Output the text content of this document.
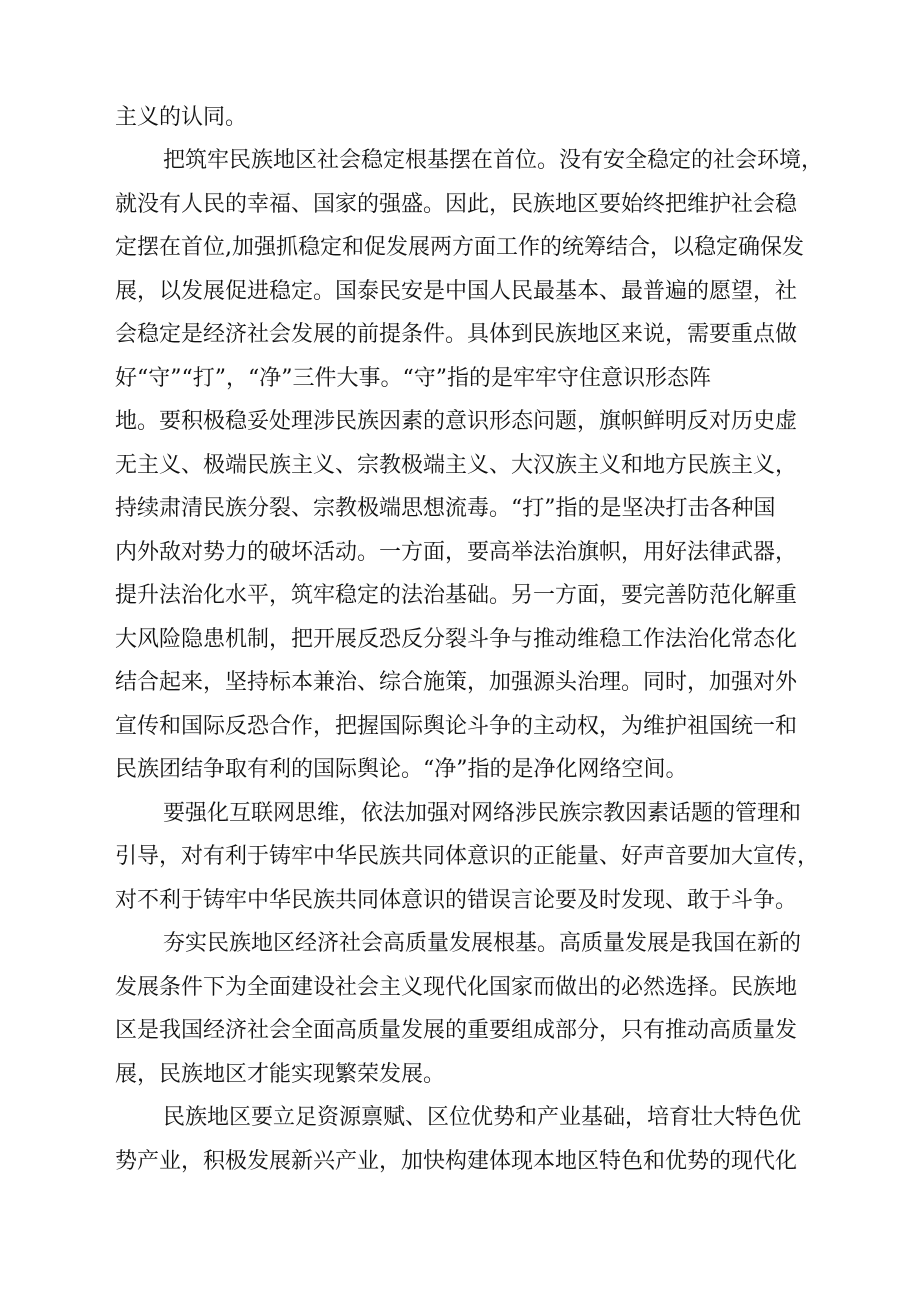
主义的认同。
把筑牢民族地区社会稳定根基摆在首位。没有安全稳定的社会环境，
就没有人民的幸福、国家的强盛。因此，民族地区要始终把维护社会稳
定摆在首位,加强抓稳定和促发展两方面工作的统筹结合，以稳定确保发
展，以发展促进稳定。国泰民安是中国人民最基本、最普遍的愿望，社
会稳定是经济社会发展的前提条件。具体到民族地区来说，需要重点做
好“守”“打”，“净”三件大事。“守”指的是牢牢守住意识形态阵
地。要积极稳妥处理涉民族因素的意识形态问题，旗帜鲜明反对历史虚
无主义、极端民族主义、宗教极端主义、大汉族主义和地方民族主义，
持续肃清民族分裂、宗教极端思想流毒。“打”指的是坚决打击各种国
内外敌对势力的破坏活动。一方面，要高举法治旗帜，用好法律武器，
提升法治化水平，筑牢稳定的法治基础。另一方面，要完善防范化解重
大风险隐患机制，把开展反恐反分裂斗争与推动维稳工作法治化常态化
结合起来，坚持标本兼治、综合施策，加强源头治理。同时，加强对外
宣传和国际反恐合作，把握国际舆论斗争的主动权，为维护祖国统一和
民族团结争取有利的国际舆论。“净”指的是净化网络空间。
要强化互联网思维，依法加强对网络涉民族宗教因素话题的管理和
引导，对有利于铸牢中华民族共同体意识的正能量、好声音要加大宣传，
对不利于铸牢中华民族共同体意识的错误言论要及时发现、敢于斗争。
夯实民族地区经济社会高质量发展根基。高质量发展是我国在新的
发展条件下为全面建设社会主义现代化国家而做出的必然选择。民族地
区是我国经济社会全面高质量发展的重要组成部分，只有推动高质量发
展，民族地区才能实现繁荣发展。
民族地区要立足资源禀赋、区位优势和产业基础，培育壮大特色优
势产业，积极发展新兴产业，加快构建体现本地区特色和优势的现代化
